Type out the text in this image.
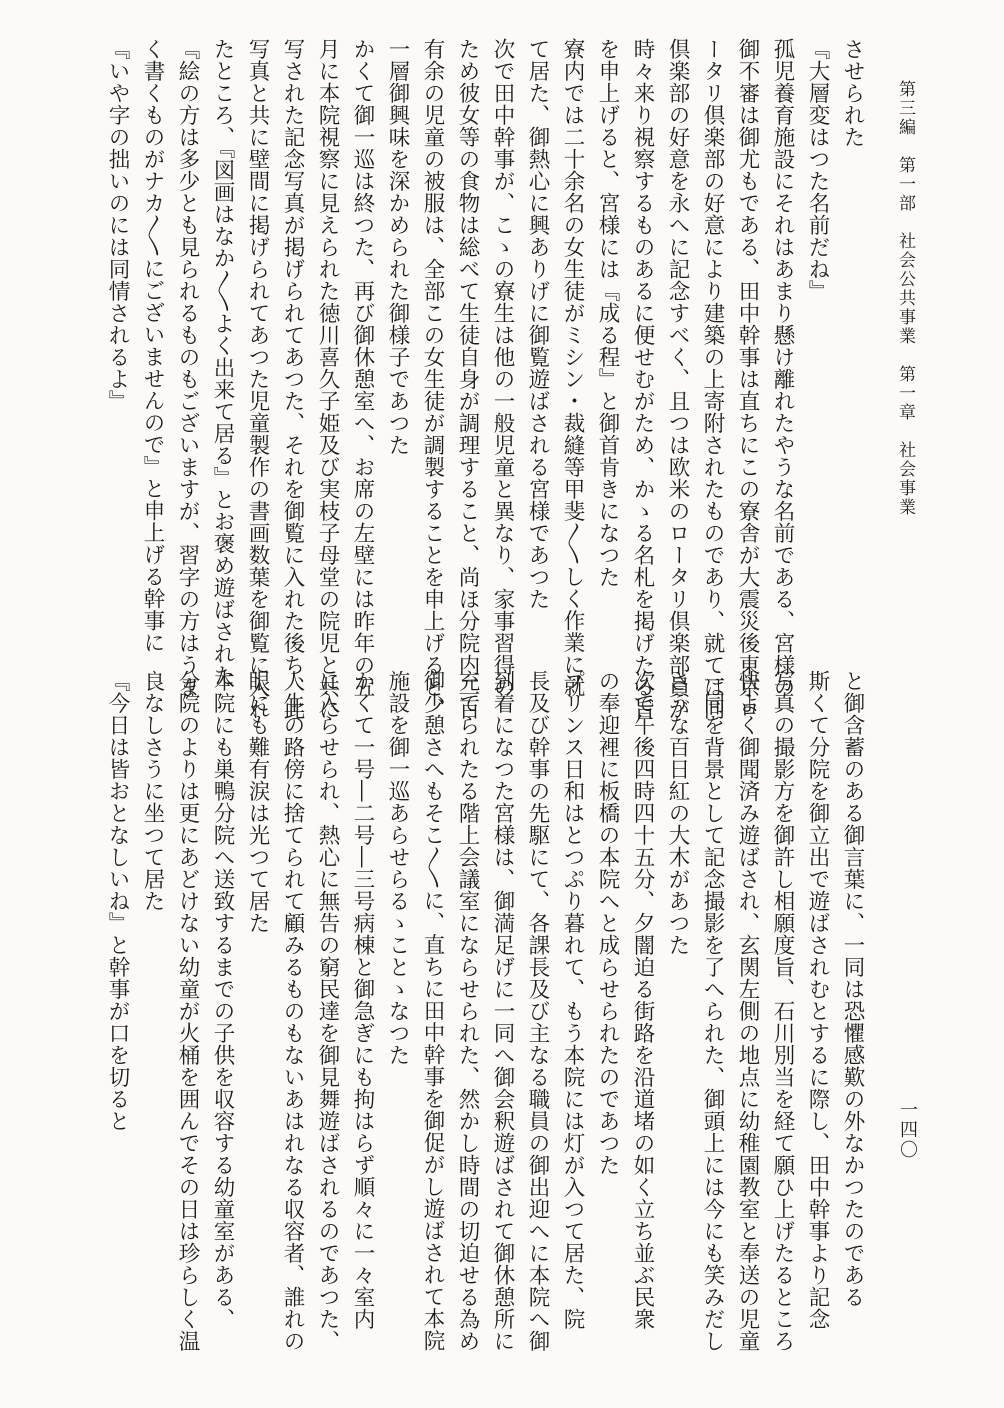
第三編　第一部　社会公共事業　第一章　社会事業
一四〇
させられた
『大層変はつた名前だね』
孤児養育施設にそれはあまり懸け離れたやうな名前である、宮様の
御不審は御尤もである、田中幹事は直ちにこの寮舎が大震災後東京ロ
ータリ倶楽部の好意により建築の上寄附されたものであり、就ては同
倶楽部の好意を永へに記念すべく、且つは欧米のロータリ倶楽部員が
時々来り視察するものあるに便せむがため、かゝる名札を掲げたる旨
を申上げると、宮様には『成る程』と御首肯きになつた
寮内では二十余名の女生徒がミシン・裁縫等甲斐〳〵しく作業に就
て居た、御熱心に興ありげに御覧遊ばされる宮様であつた
次で田中幹事が、こゝの寮生は他の一般児童と異なり、家事習得の
ため彼女等の食物は総べて生徒自身が調理すること、尚ほ分院内二百
有余の児童の被服は、全部この女生徒が調製することを申上げると、
一層御興味を深かめられた御様子であつた
かくて御一巡は終つた、再び御休憩室へ、お席の左壁には昨年の五
月に本院視察に見えられた徳川喜久子姫及び実枝子母堂の院児と共に
写された記念写真が掲げられてあつた、それを御覧に入れた後ち、此
写真と共に壁間に掲げられてあつた児童製作の書画数葉を御覧に入れ
たところ、『図画はなか〳〵よく出来て居る』とお褒め遊ばされた
『絵の方は多少とも見られるものもございますが、習字の方はうま
く書くものがナカ〳〵にございませんので』と申上げる幹事に
『いや字の拙いのには同情されるよ』
と御含蓄のある御言葉に、一同は恐懼感歎の外なかつたのである
斯くて分院を御立出で遊ばされむとするに際し、田中幹事より記念
写真の撮影方を御許し相願度旨、石川別当を経て願ひ上げたるところ
快よく御聞済み遊ばされ、玄関左側の地点に幼稚園教室と奉送の児童
一同を背景として記念撮影を了へられた、御頭上には今にも笑みだし
さうな百日紅の大木があつた
次で午後四時四十五分、夕闇迫る街路を沿道堵の如く立ち並ぶ民衆
の奉迎裡に板橋の本院へと成らせられたのであつた
プリンス日和はとつぷり暮れて、もう本院には灯が入つて居た、院
長及び幹事の先駆にて、各課長及び主なる職員の御出迎へに本院へ御
到着になつた宮様は、御満足げに一同へ御会釈遊ばされて御休憩所に
充てられたる階上会議室にならせられた、然かし時間の切迫せる為め
御少憩さへもそこ〳〵に、直ちに田中幹事を御促がし遊ばされて本院
施設を御一巡あらせらるゝことゝなつた
かくて一号―二号―三号病棟と御急ぎにも拘はらず順々に一々室内
に入らせられ、熱心に無告の窮民達を御見舞遊ばされるのであつた、
人生の路傍に捨てられて顧みるものもないあはれなる収容者、誰れの
眼にも難有涙は光つて居た
本院にも巣鴨分院へ送致するまでの子供を収容する幼童室がある、
分院のよりは更にあどけない幼童が火桶を囲んでその日は珍らしく温
良なしさうに坐つて居た
『今日は皆おとなしいね』と幹事が口を切ると
